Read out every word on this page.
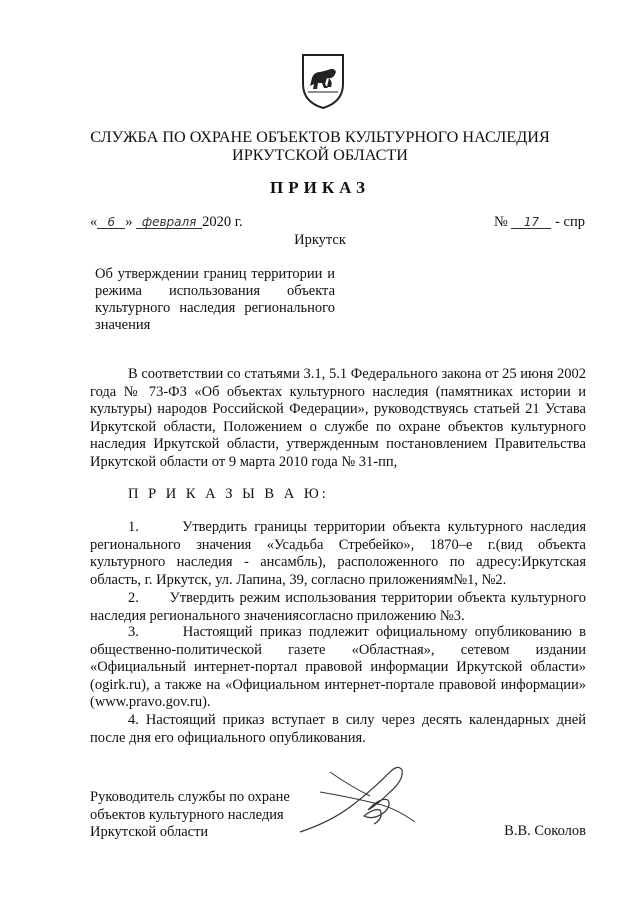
СЛУЖБА ПО ОХРАНЕ ОБЪЕКТОВ КУЛЬТУРНОГО НАСЛЕДИЯ
ИРКУТСКОЙ ОБЛАСТИ
ПРИКАЗ
« 6 » февраля 2020 г.
Иркутск
№ 17 - спр
Об утверждении границ территории и режима использования объекта культурного наследия регионального значения
В соответствии со статьями 3.1, 5.1 Федерального закона от 25 июня 2002 года № 73-ФЗ «Об объектах культурного наследия (памятниках истории и культуры) народов Российской Федерации», руководствуясь статьей 21 Устава Иркутской области, Положением о службе по охране объектов культурного наследия Иркутской области, утвержденным постановлением Правительства Иркутской области от 9 марта 2010 года № 31-пп,
П Р И К А З Ы В А Ю:
1.	Утвердить границы территории объекта культурного наследия регионального значения «Усадьба Стребейко», 1870–е г.(вид объекта культурного наследия - ансамбль), расположенного по адресу:Иркутская область, г. Иркутск, ул. Лапина, 39, согласно приложениям№1, №2.
2. Утвердить режим использования территории объекта культурного наследия регионального значениясогласно приложению №3.
3.	Настоящий приказ подлежит официальному опубликованию в общественно-политической газете «Областная», сетевом издании «Официальный интернет-портал правовой информации Иркутской области» (ogirk.ru), а также на «Официальном интернет-портале правовой информации» (www.pravo.gov.ru).
4. Настоящий приказ вступает в силу через десять календарных дней после дня его официального опубликования.
Руководитель службы по охране
объектов культурного наследия
Иркутской области	В.В. Соколов
